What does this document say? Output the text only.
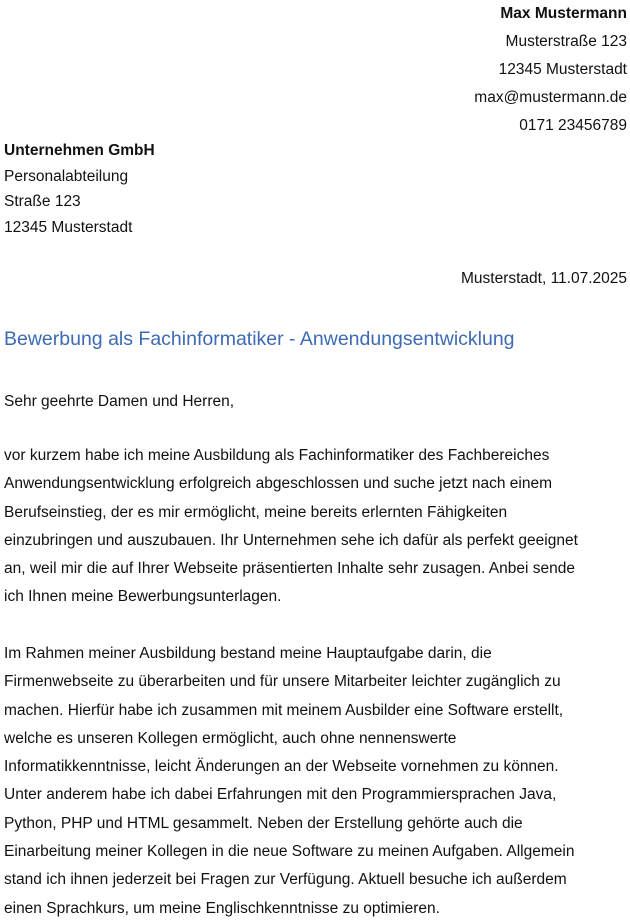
Max Mustermann
Musterstraße 123
12345 Musterstadt
max@mustermann.de
0171 23456789
Unternehmen GmbH
Personalabteilung
Straße 123
12345 Musterstadt
Musterstadt, 11.07.2025
Bewerbung als Fachinformatiker - Anwendungsentwicklung
Sehr geehrte Damen und Herren,
vor kurzem habe ich meine Ausbildung als Fachinformatiker des Fachbereiches
Anwendungsentwicklung erfolgreich abgeschlossen und suche jetzt nach einem
Berufseinstieg, der es mir ermöglicht, meine bereits erlernten Fähigkeiten
einzubringen und auszubauen. Ihr Unternehmen sehe ich dafür als perfekt geeignet
an, weil mir die auf Ihrer Webseite präsentierten Inhalte sehr zusagen. Anbei sende
ich Ihnen meine Bewerbungsunterlagen.
Im Rahmen meiner Ausbildung bestand meine Hauptaufgabe darin, die
Firmenwebseite zu überarbeiten und für unsere Mitarbeiter leichter zugänglich zu
machen. Hierfür habe ich zusammen mit meinem Ausbilder eine Software erstellt,
welche es unseren Kollegen ermöglicht, auch ohne nennenswerte
Informatikkenntnisse, leicht Änderungen an der Webseite vornehmen zu können.
Unter anderem habe ich dabei Erfahrungen mit den Programmiersprachen Java,
Python, PHP und HTML gesammelt. Neben der Erstellung gehörte auch die
Einarbeitung meiner Kollegen in die neue Software zu meinen Aufgaben. Allgemein
stand ich ihnen jederzeit bei Fragen zur Verfügung. Aktuell besuche ich außerdem
einen Sprachkurs, um meine Englischkenntnisse zu optimieren.
